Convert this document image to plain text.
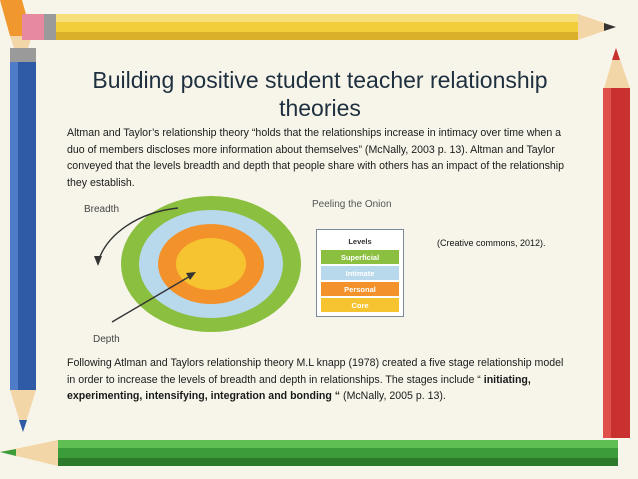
Building positive student teacher relationship theories
Altman and Taylor’s relationship theory “holds that the relationships increase in intimacy over time when a duo of members discloses more information about themselves” (McNally, 2003 p. 13). Altman and Taylor conveyed that the levels breadth and depth that people share with others has an impact of the relationship they establish.
Breadth
Depth
Peeling the Onion
Levels
Superficial
Intimate
Personal
Core
(Creative commons, 2012).
Following Atlman and Taylors relationship theory M.L knapp (1978) created a five stage relationship model in order to increase the levels of breadth and depth in relationships. The stages include “ initiating, experimenting, intensifying, integration and bonding “ (McNally, 2005 p. 13).
